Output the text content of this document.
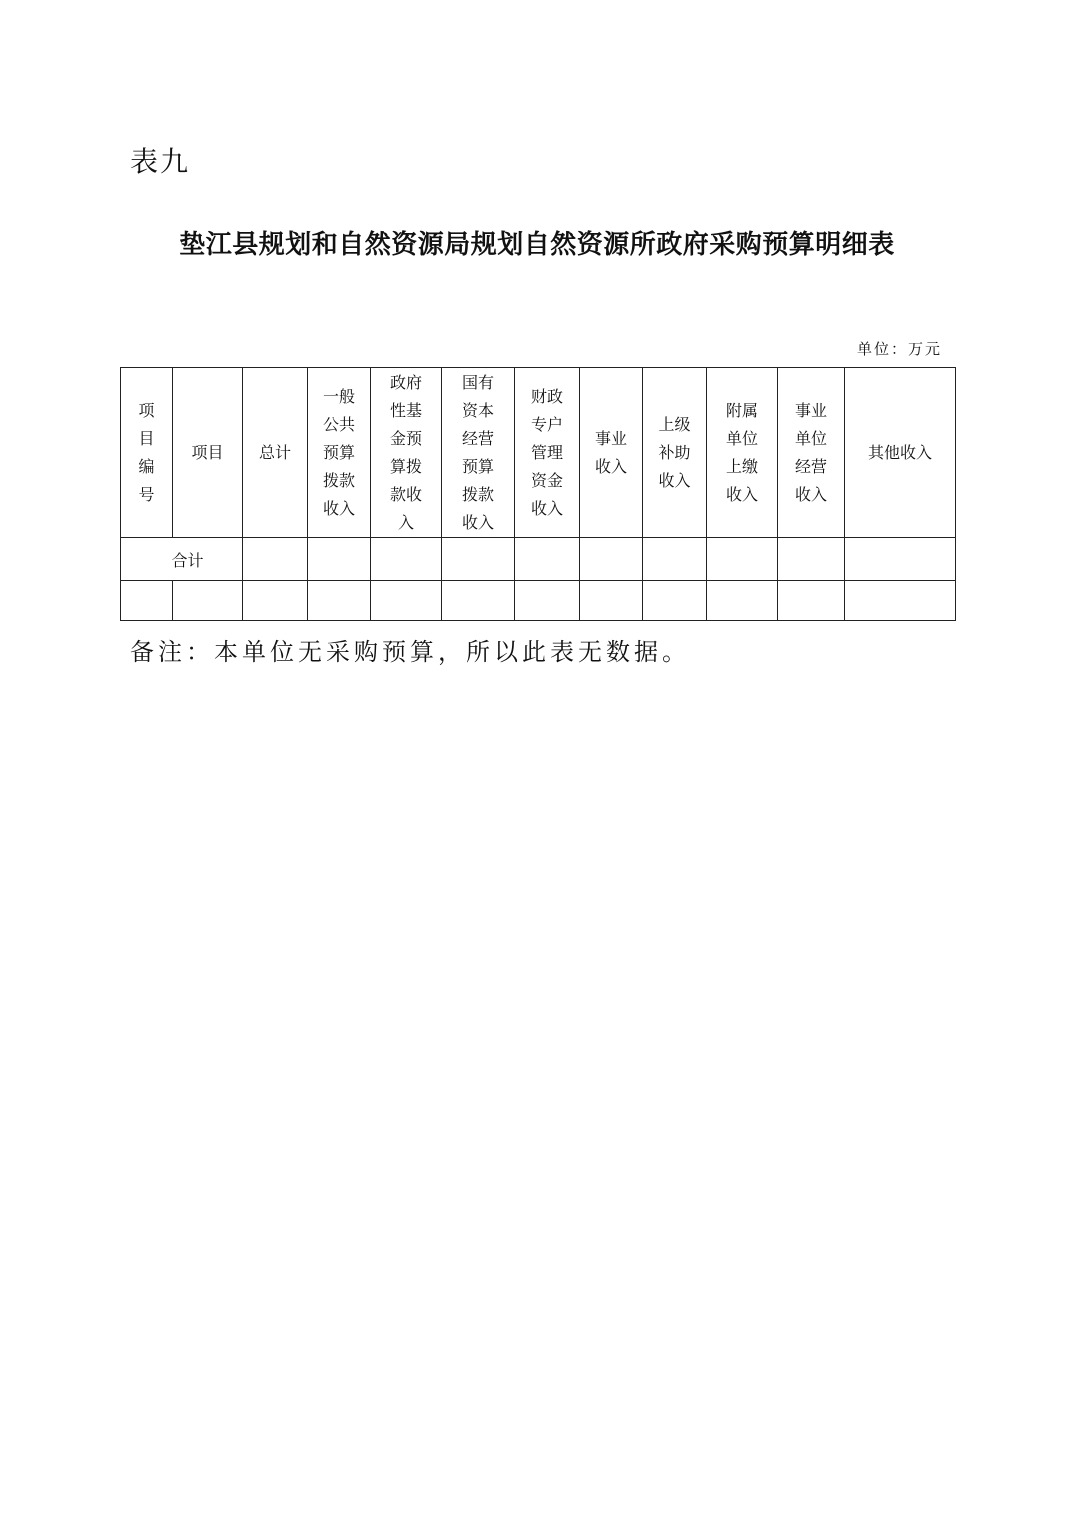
表九
垫江县规划和自然资源局规划自然资源所政府采购预算明细表
单位：万元
项目编号	项目	总计	一般公共预算拨款收入	政府性基金预算拨款收入	国有资本经营预算拨款收入	财政专户管理资金收入	事业收入	上级补助收入	附属单位上缴收入	事业单位经营收入	其他收入
合计											

备注：本单位无采购预算，所以此表无数据。
